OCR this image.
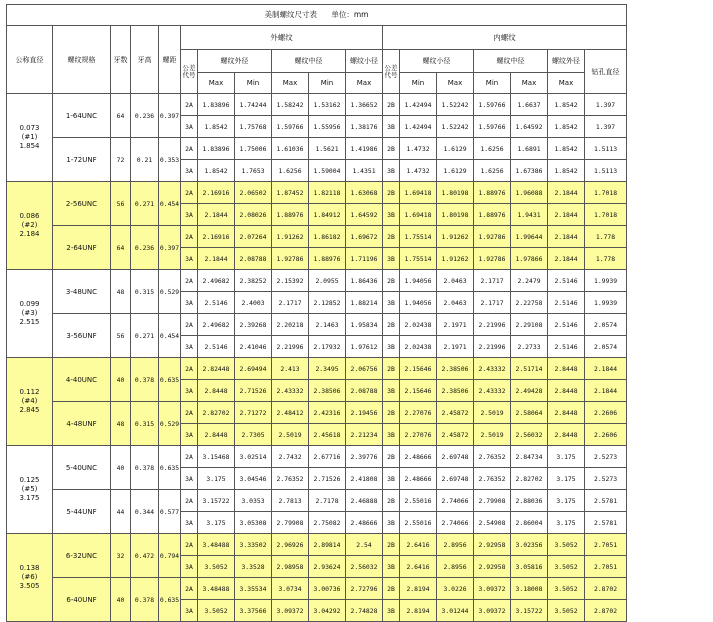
美制螺纹尺寸表 单位：mm																		
公称直径	螺纹规格	牙数	牙高	螺距	外螺纹						内螺纹							
					公差代号	螺纹外径		螺纹中径		螺纹小径	公差代号	螺纹小径		螺纹中径		螺纹外径	钻孔直径	
						Max	Min	Max	Min	Max		Min	Max	Min	Max	Max		
0.073
(#1)
1.854	1-64UNC	64	0.236	0.397	2A	1.83896	1.74244	1.58242	1.53162	1.36652	2B	1.42494	1.52242	1.59766	1.6637	1.8542	1.397	
					3A	1.8542	1.75768	1.59766	1.55956	1.38176	3B	1.42494	1.52242	1.59766	1.64592	1.8542	1.397	
	1-72UNF	72	0.21	0.353	2A	1.83896	1.75006	1.61036	1.5621	1.41986	2B	1.4732	1.6129	1.6256	1.6891	1.8542	1.5113	
					3A	1.8542	1.7653	1.6256	1.59004	1.4351	3B	1.4732	1.6129	1.6256	1.67386	1.8542	1.5113	
0.086
(#2)
2.184	2-56UNC	56	0.271	0.454	2A	2.16916	2.06502	1.87452	1.82118	1.63068	2B	1.69418	1.80198	1.88976	1.96088	2.1844	1.7018	
					3A	2.1844	2.08026	1.88976	1.84912	1.64592	3B	1.69418	1.80198	1.88976	1.9431	2.1844	1.7018	
	2-64UNF	64	0.236	0.397	2A	2.16916	2.07264	1.91262	1.86182	1.69672	2B	1.75514	1.91262	1.92786	1.99644	2.1844	1.778	
					3A	2.1844	2.08788	1.92786	1.88976	1.71196	3B	1.75514	1.91262	1.92786	1.97866	2.1844	1.778	
0.099
(#3)
2.515	3-48UNC	48	0.315	0.529	2A	2.49682	2.38252	2.15392	2.0955	1.86436	2B	1.94056	2.0463	2.1717	2.2479	2.5146	1.9939	
					3A	2.5146	2.4003	2.1717	2.12852	1.88214	3B	1.94056	2.0463	2.1717	2.22758	2.5146	1.9939	
	3-56UNF	56	0.271	0.454	2A	2.49682	2.39268	2.20218	2.1463	1.95834	2B	2.02438	2.1971	2.21996	2.29108	2.5146	2.0574	
					3A	2.5146	2.41046	2.21996	2.17932	1.97612	3B	2.02438	2.1971	2.21996	2.2733	2.5146	2.0574	
0.112
(#4)
2.845	4-40UNC	40	0.378	0.635	2A	2.82448	2.69494	2.413	2.3495	2.06756	2B	2.15646	2.38506	2.43332	2.51714	2.8448	2.1844	
					3A	2.8448	2.71526	2.43332	2.38506	2.08788	3B	2.15646	2.38506	2.43332	2.49428	2.8448	2.1844	
	4-48UNF	48	0.315	0.529	2A	2.82702	2.71272	2.48412	2.42316	2.19456	2B	2.27076	2.45872	2.5019	2.58064	2.8448	2.2606	
					3A	2.8448	2.7305	2.5019	2.45618	2.21234	3B	2.27076	2.45872	2.5019	2.56032	2.8448	2.2606	
0.125
(#5)
3.175	5-40UNC	40	0.378	0.635	2A	3.15468	3.02514	2.7432	2.67716	2.39776	2B	2.48666	2.69748	2.76352	2.84734	3.175	2.5273	
					3A	3.175	3.04546	2.76352	2.71526	2.41808	3B	2.48666	2.69748	2.76352	2.82702	3.175	2.5273	
	5-44UNF	44	0.344	0.577	2A	3.15722	3.0353	2.7813	2.7178	2.46888	2B	2.55016	2.74066	2.79908	2.88036	3.175	2.5781	
					3A	3.175	3.05308	2.79908	2.75082	2.48666	3B	2.55016	2.74066	2.54908	2.86004	3.175	2.5781	
0.138
(#6)
3.505	6-32UNC	32	0.472	0.794	2A	3.48488	3.33502	2.96926	2.89814	2.54	2B	2.6416	2.8956	2.92958	3.02356	3.5052	2.7051	
					3A	3.5052	3.3528	2.98958	2.93624	2.56032	3B	2.6416	2.8956	2.92958	3.05816	3.5052	2.7051	
	6-40UNF	40	0.378	0.635	2A	3.48488	3.35534	3.0734	3.00736	2.72796	2B	2.8194	3.0226	3.09372	3.18008	3.5052	2.8702	
					3A	3.5052	3.37566	3.09372	3.04292	2.74828	3B	2.8194	3.01244	3.09372	3.15722	3.5052	2.8702	
